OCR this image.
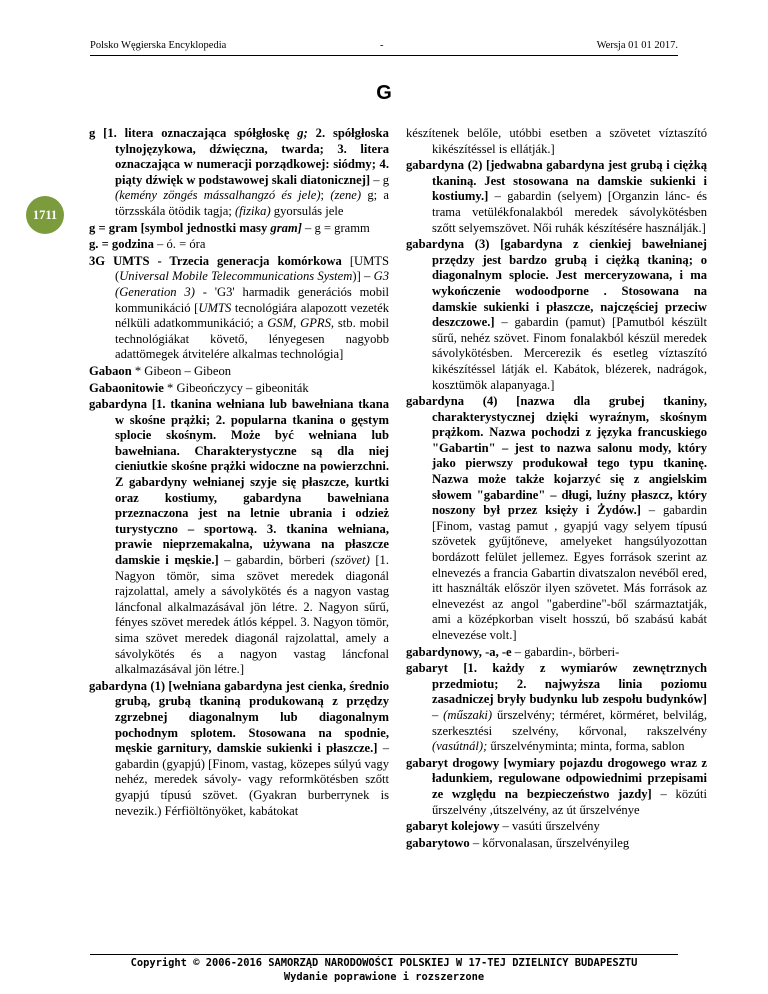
Polsko Węgierska Encyklopedia	-	Wersja 01 01 2017.
G
1711

g [1. litera oznaczająca spółgłoskę g; 2. spółgłoska tylnojęzykowa, dźwięczna, twarda; 3. litera oznaczająca w numeracji porządkowej: siódmy; 4. piąty dźwięk w podstawowej skali diatonicznej] – g (kemény zöngés mássalhangzó és jele); (zene) g; a törzsskála ötödik tagja; (fizika) gyorsulás jele

g = gram [symbol jednostki masy gram] – g = gramm

g. = godzina – ó. = óra

3G UMTS - Trzecia generacja komórkowa [UMTS (Universal Mobile Telecommunications System)] – G3 (Generation 3) - 'G3' harmadik generációs mobil kommunikáció [UMTS tecnológiára alapozott vezeték nélküli adatkommunikáció; a GSM, GPRS, stb. mobil technológiákat követő, lényegesen nagyobb adattömegek átvitelére alkalmas technológia]

Gabaon * Gibeon – Gibeon

Gabaonitowie * Gibeończycy – gibeoniták

gabardyna [1. tkanina wełniana lub bawełniana tkana w skośne prążki; 2. popularna tkanina o gęstym splocie skośnym. Może być wełniana lub bawełniana. Charakterystyczne są dla niej cieniutkie skośne prążki widoczne na powierzchni. Z gabardyny wełnianej szyje się płaszcze, kurtki oraz kostiumy, gabardyna bawełniana przeznaczona jest na letnie ubrania i odzież turystyczno – sportową. 3. tkanina wełniana, prawie nieprzemakalna, używana na płaszcze damskie i męskie.] – gabardin, börberi (szövet) [1. Nagyon tömör, sima szövet meredek diagonál rajzolattal, amely a sávolykötés és a nagyon vastag láncfonal alkalmazásával jön létre. 2. Nagyon sűrű, fényes szövet meredek átlós képpel. 3. Nagyon tömör, sima szövet meredek diagonál rajzolattal, amely a sávolykötés és a nagyon vastag láncfonal alkalmazásával jön létre.]

gabardyna (1) [wełniana gabardyna jest cienka, średnio grubą, grubą tkaniną produkowaną z przędzy zgrzebnej diagonalnym lub diagonalnym pochodnym splotem. Stosowana na spodnie, męskie garnitury, damskie sukienki i płaszcze.] – gabardin (gyapjú) [Finom, vastag, közepes súlyú vagy nehéz, meredek sávoly- vagy reformkötésben szőtt gyapjú típusú szövet. (Gyakran burberrynek is nevezik.) Férfiöltönyöket, kabátokat

készítenek belőle, utóbbi esetben a szövetet víztaszító kikészítéssel is ellátják.]

gabardyna (2) [jedwabna gabardyna jest grubą i ciężką tkaniną. Jest stosowana na damskie sukienki i kostiumy.] – gabardin (selyem) [Organzin lánc- és trama vetülékfonalakból meredek sávolykötésben szőtt selyemszövet. Női ruhák készítésére használják.]

gabardyna (3) [gabardyna z cienkiej bawełnianej przędzy jest bardzo grubą i ciężką tkaniną; o diagonalnym splocie. Jest merceryzowana, i ma wykończenie wodoodporne . Stosowana na damskie sukienki i płaszcze, najczęściej przeciw deszczowe.] – gabardin (pamut) [Pamutból készült sűrű, nehéz szövet. Finom fonalakból készül meredek sávolykötésben. Mercerezik és esetleg víztaszító kikészítéssel látják el. Kabátok, blézerek, nadrágok, kosztümök alapanyaga.]

gabardyna (4) [nazwa dla grubej tkaniny, charakterystycznej dzięki wyraźnym, skośnym prążkom. Nazwa pochodzi z języka francuskiego "Gabartin" – jest to nazwa salonu mody, który jako pierwszy produkował tego typu tkaninę. Nazwa może także kojarzyć się z angielskim słowem "gabardine" – długi, luźny płaszcz, który noszony był przez księży i Żydów.] – gabardin [Finom, vastag pamut , gyapjú vagy selyem típusú szövetek gyűjtőneve, amelyeket hangsúlyozottan bordázott felület jellemez. Egyes források szerint az elnevezés a francia Gabartin divatszalon nevéből ered, itt használták először ilyen szövetet. Más források az elnevezést az angol "gaberdine"-ből származtatják, ami a középkorban viselt hosszú, bő szabású kabát elnevezése volt.]

gabardynowy, -a, -e – gabardin-, börberi-

gabaryt [1. każdy z wymiarów zewnętrznych przedmiotu; 2. najwyższa linia poziomu zasadniczej bryły budynku lub zespołu budynków] – (műszaki) űrszelvény; térméret, körméret, belvilág, szerkesztési szelvény, kőrvonal, rakszelvény (vasútnál); űrszelvényminta; minta, forma, sablon

gabaryt drogowy [wymiary pojazdu drogowego wraz z ładunkiem, regulowane odpowiednimi przepisami ze względu na bezpieczeństwo jazdy] – közúti űrszelvény ,útszelvény, az út űrszelvénye

gabaryt kolejowy – vasúti űrszelvény

gabarytowo – kőrvonalasan, űrszelvényileg

Copyright © 2006-2016 SAMORZĄD NARODOWOŚCI POLSKIEJ W 17-TEJ DZIELNICY BUDAPESZTU
Wydanie poprawione i rozszerzone
